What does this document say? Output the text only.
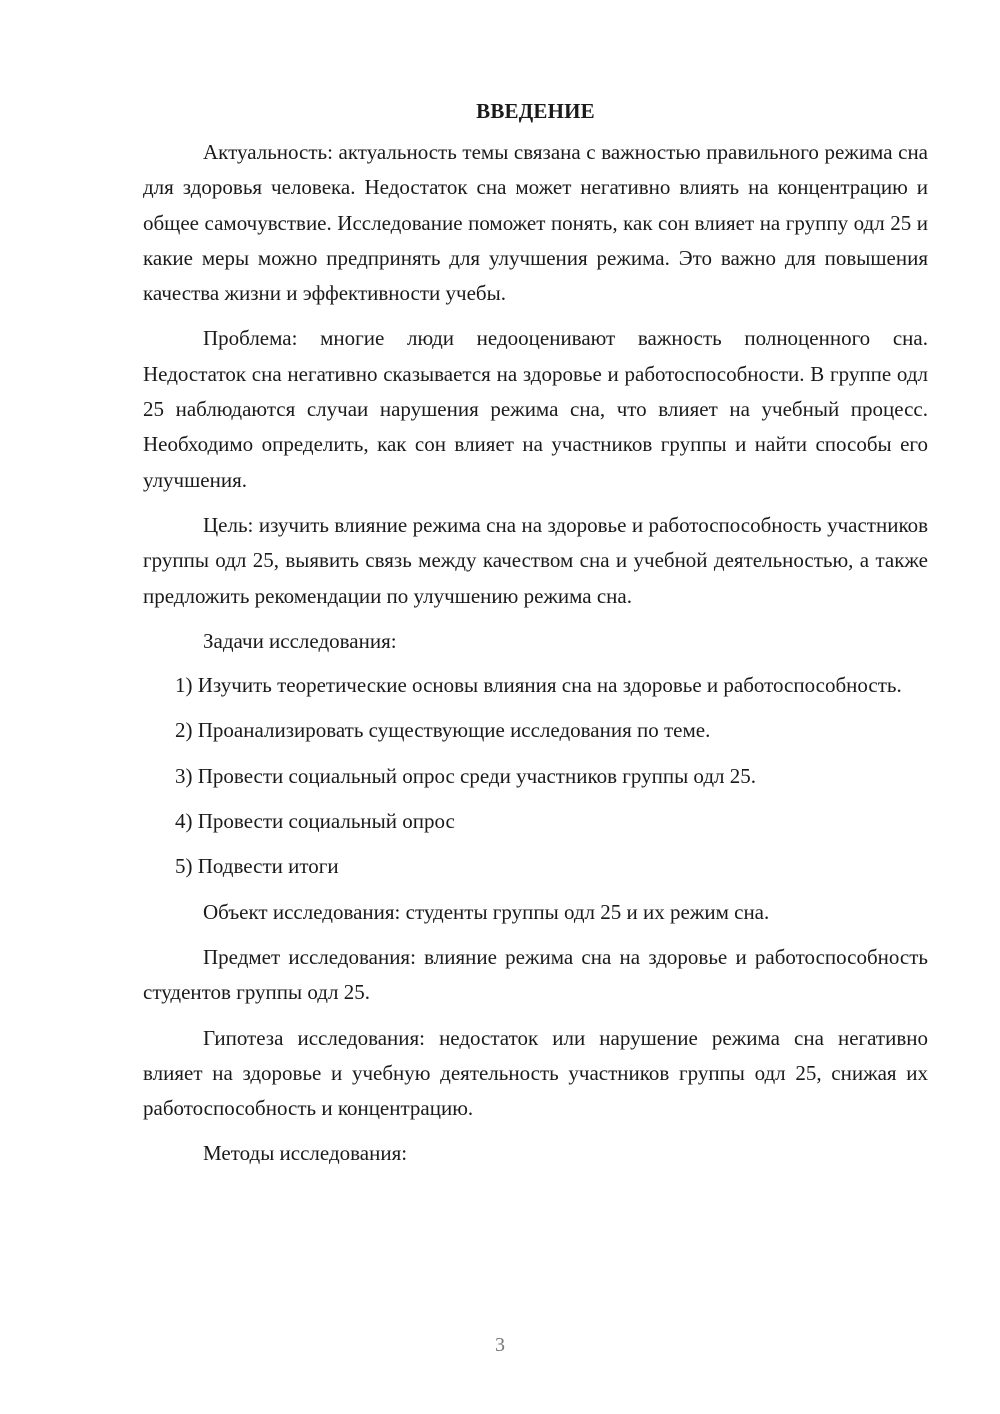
ВВЕДЕНИЕ

Актуальность: актуальность темы связана с важностью правильного режима сна для здоровья человека. Недостаток сна может негативно влиять на концентрацию и общее самочувствие. Исследование поможет понять, как сон влияет на группу одл 25 и какие меры можно предпринять для улучшения режима. Это важно для повышения качества жизни и эффективности учебы.

Проблема: многие люди недооценивают важность полноценного сна. Недостаток сна негативно сказывается на здоровье и работоспособности. В группе одл 25 наблюдаются случаи нарушения режима сна, что влияет на учебный процесс. Необходимо определить, как сон влияет на участников группы и найти способы его улучшения.

Цель: изучить влияние режима сна на здоровье и работоспособность участников группы одл 25, выявить связь между качеством сна и учебной деятельностью, а также предложить рекомендации по улучшению режима сна.

Задачи исследования:

1) Изучить теоретические основы влияния сна на здоровье и работоспособность.

2) Проанализировать существующие исследования по теме.

3) Провести социальный опрос среди участников группы одл 25.

4) Провести социальный опрос

5) Подвести итоги

Объект исследования: студенты группы одл 25 и их режим сна.

Предмет исследования: влияние режима сна на здоровье и работоспособность студентов группы одл 25.

Гипотеза исследования: недостаток или нарушение режима сна негативно влияет на здоровье и учебную деятельность участников группы одл 25, снижая их работоспособность и концентрацию.

Методы исследования:

3
